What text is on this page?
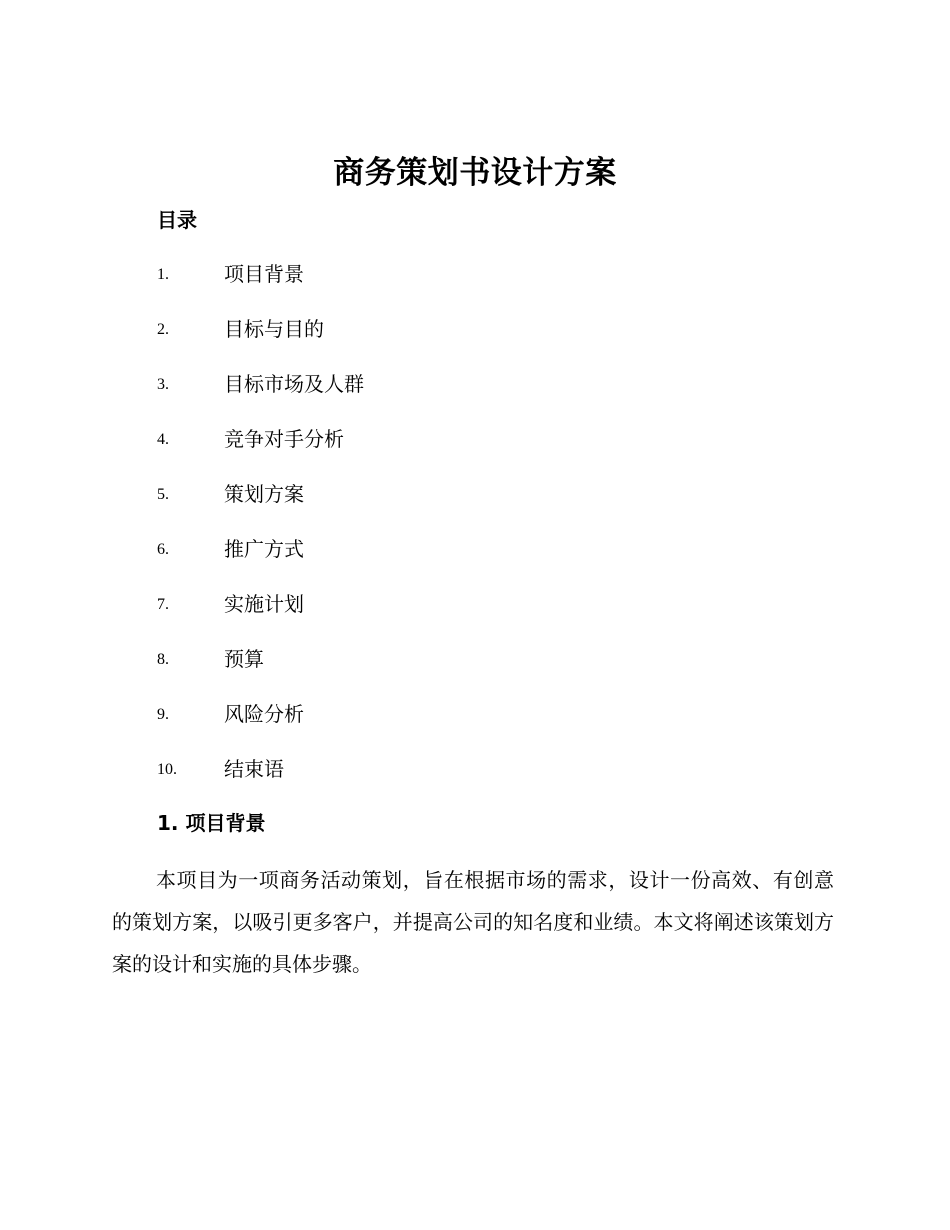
商务策划书设计方案
目录
1.	项目背景
2.	目标与目的
3.	目标市场及人群
4.	竞争对手分析
5.	策划方案
6.	推广方式
7.	实施计划
8.	预算
9.	风险分析
10. 结束语
1. 项目背景

本项目为一项商务活动策划，旨在根据市场的需求，设计一份高效、有创意的策划方案，以吸引更多客户，并提高公司的知名度和业绩。本文将阐述该策划方案的设计和实施的具体步骤。
